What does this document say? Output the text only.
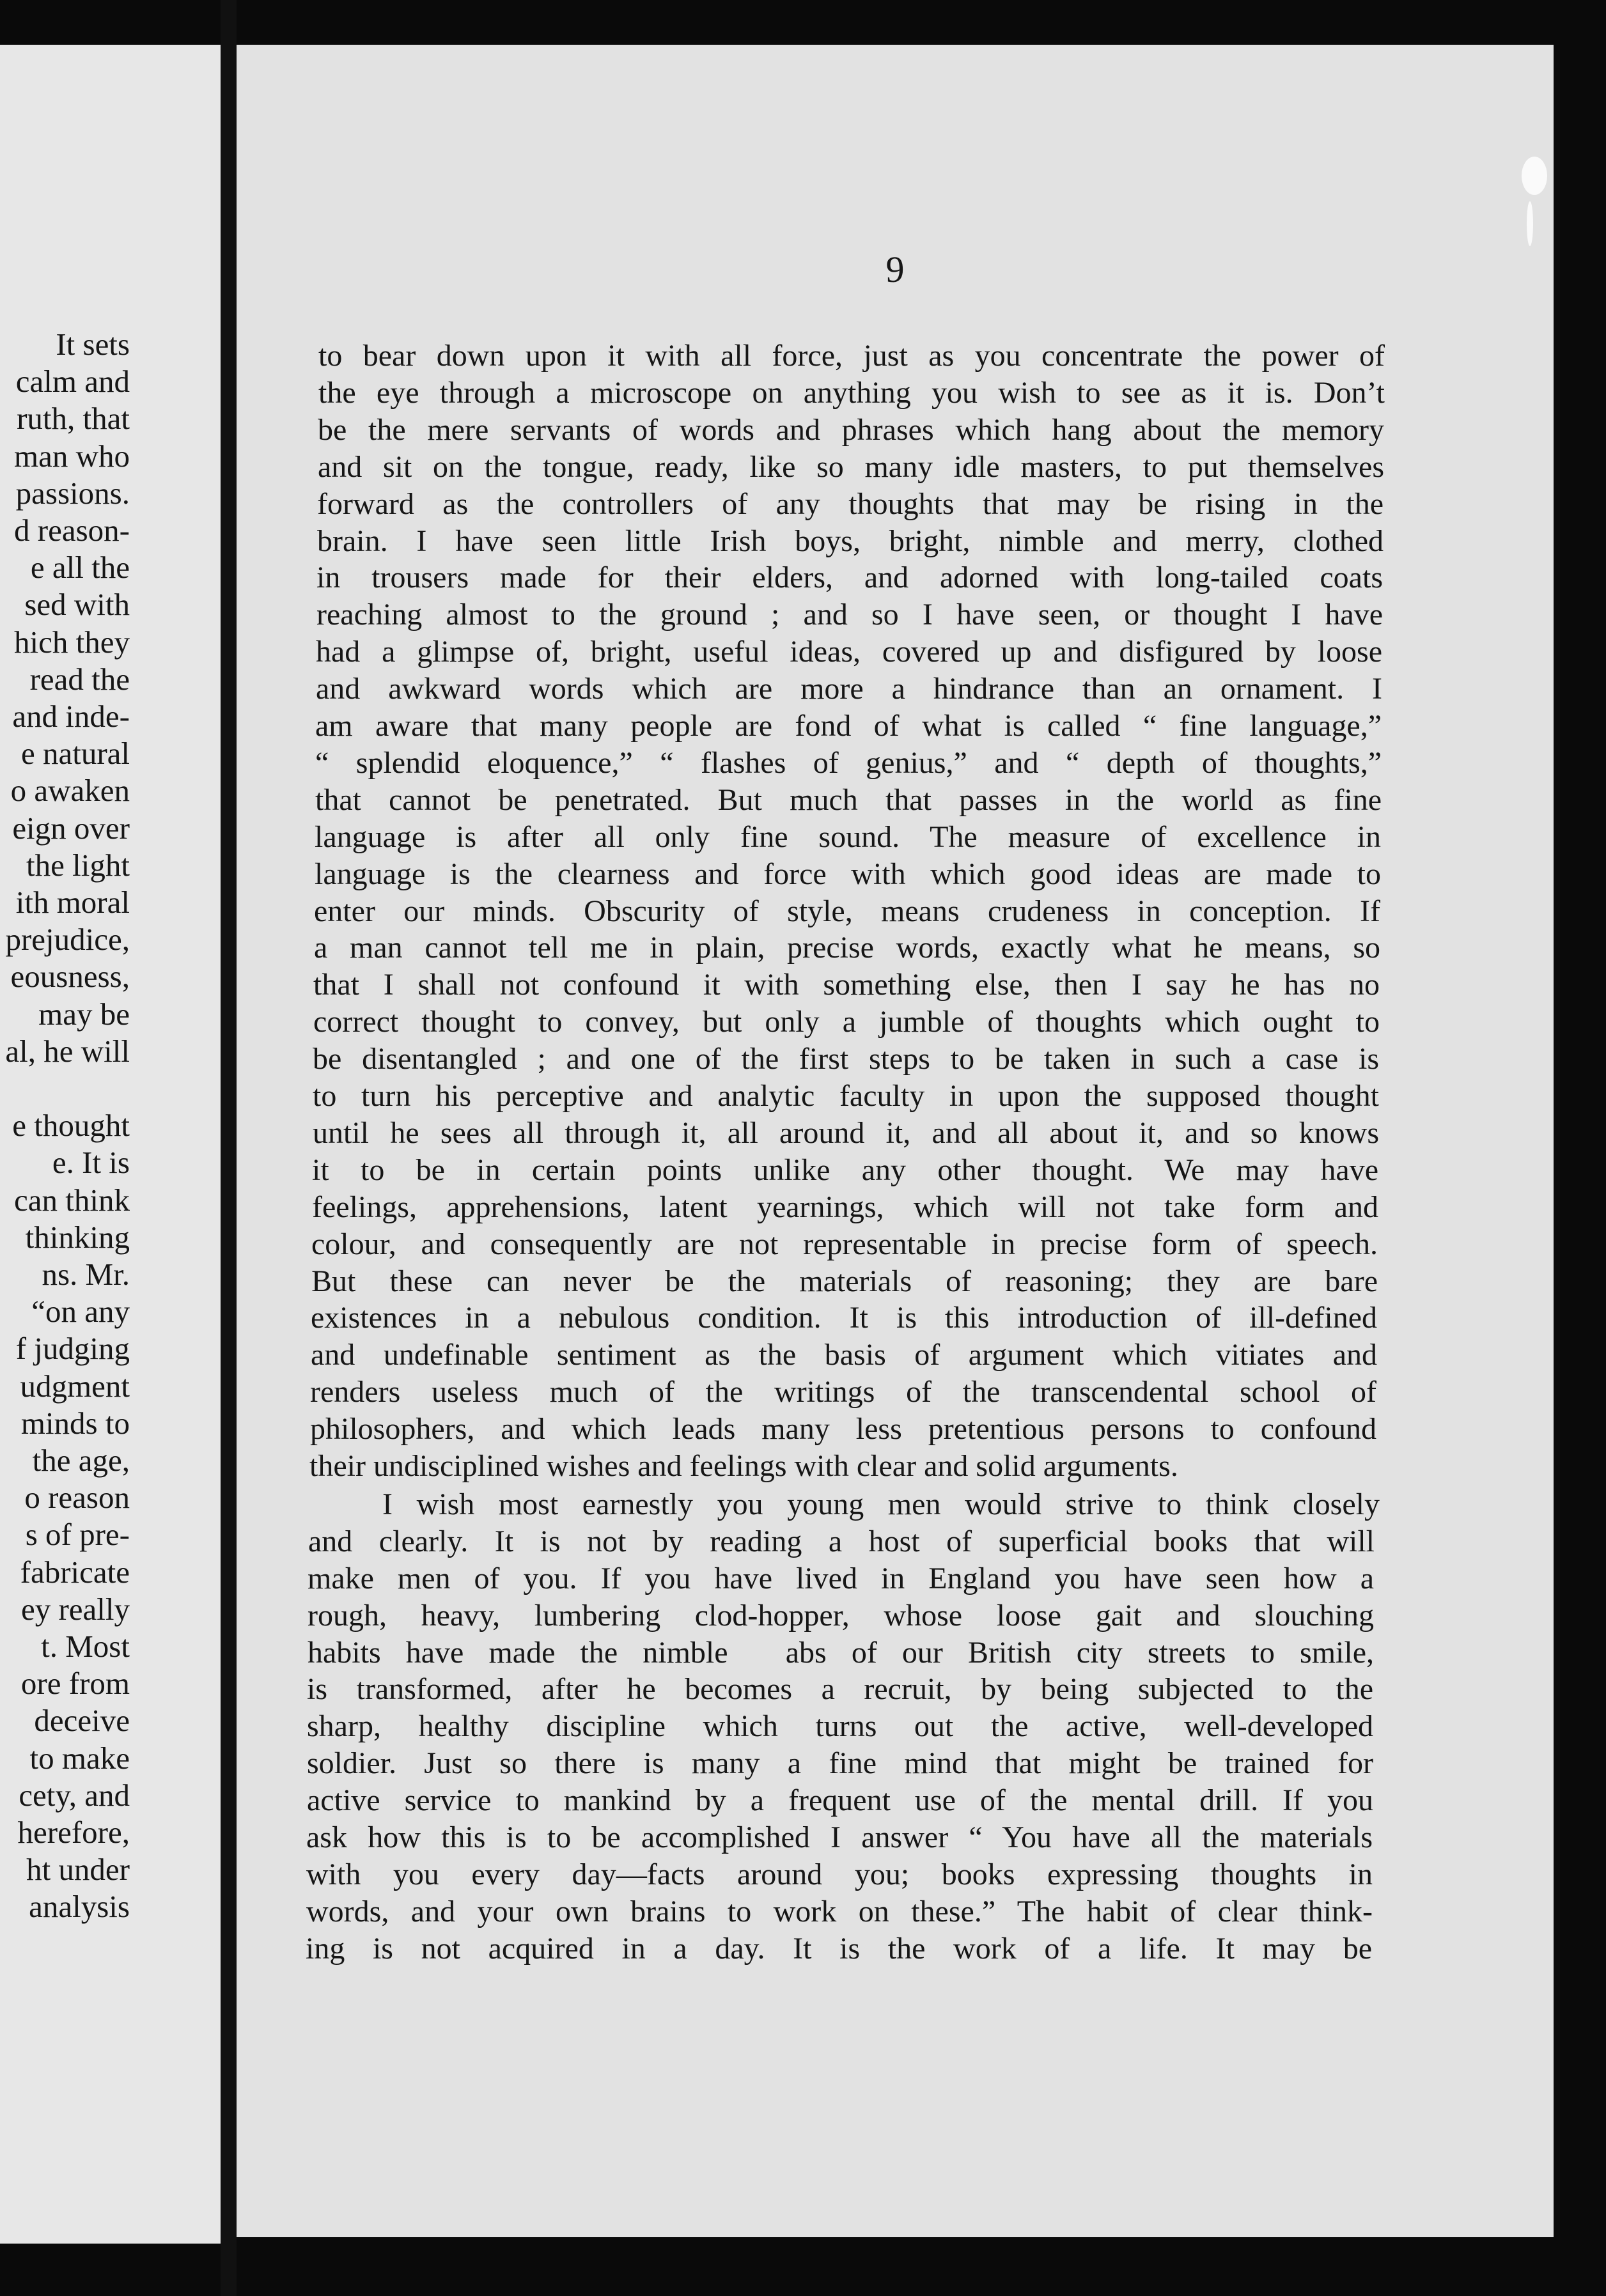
It sets

calm and

ruth, that

man who

passions.

d reason-

e all the

sed with

hich they

read the

and inde-

e natural

o awaken

eign over

the light

ith moral

prejudice,

eousness,

may be

al, he will

e thought

e. It is

can think

thinking

ns. Mr.

“on any

f judging

udgment

minds to

the age,

o reason

s of pre-

fabricate

ey really

t. Most

ore from

deceive

to make

cety, and

herefore,

ht under

analysis

9

to bear down upon it with all force, just as you concentrate the power of

the eye through a microscope on anything you wish to see as it is. Don’t

be the mere servants of words and phrases which hang about the memory

and sit on the tongue, ready, like so many idle masters, to put themselves

forward as the controllers of any thoughts that may be rising in the

brain. I have seen little Irish boys, bright, nimble and merry, clothed

in trousers made for their elders, and adorned with long-tailed coats

reaching almost to the ground ; and so I have seen, or thought I have

had a glimpse of, bright, useful ideas, covered up and disfigured by loose

and awkward words which are more a hindrance than an ornament. I

am aware that many people are fond of what is called “ fine language,”

“ splendid eloquence,” “ flashes of genius,” and “ depth of thoughts,”

that cannot be penetrated. But much that passes in the world as fine

language is after all only fine sound. The measure of excellence in

language is the clearness and force with which good ideas are made to

enter our minds. Obscurity of style, means crudeness in conception. If

a man cannot tell me in plain, precise words, exactly what he means, so

that I shall not confound it with something else, then I say he has no

correct thought to convey, but only a jumble of thoughts which ought to

be disentangled ; and one of the first steps to be taken in such a case is

to turn his perceptive and analytic faculty in upon the supposed thought

until he sees all through it, all around it, and all about it, and so knows

it to be in certain points unlike any other thought. We may have

feelings, apprehensions, latent yearnings, which will not take form and

colour, and consequently are not representable in precise form of speech.

But these can never be the materials of reasoning; they are bare

existences in a nebulous condition. It is this introduction of ill-defined

and undefinable sentiment as the basis of argument which vitiates and

renders useless much of the writings of the transcendental school of

philosophers, and which leads many less pretentious persons to confound

their undisciplined wishes and feelings with clear and solid arguments.

I wish most earnestly you young men would strive to think closely

and clearly. It is not by reading a host of superficial books that will

make men of you. If you have lived in England you have seen how a

rough, heavy, lumbering clod-hopper, whose loose gait and slouching

habits have made the nimble   abs of our British city streets to smile,

is transformed, after he becomes a recruit, by being subjected to the

sharp, healthy discipline which turns out the active, well-developed

soldier. Just so there is many a fine mind that might be trained for

active service to mankind by a frequent use of the mental drill. If you

ask how this is to be accomplished I answer “ You have all the materials

with you every day—facts around you; books expressing thoughts in

words, and your own brains to work on these.” The habit of clear think-

ing is not acquired in a day. It is the work of a life. It may be
